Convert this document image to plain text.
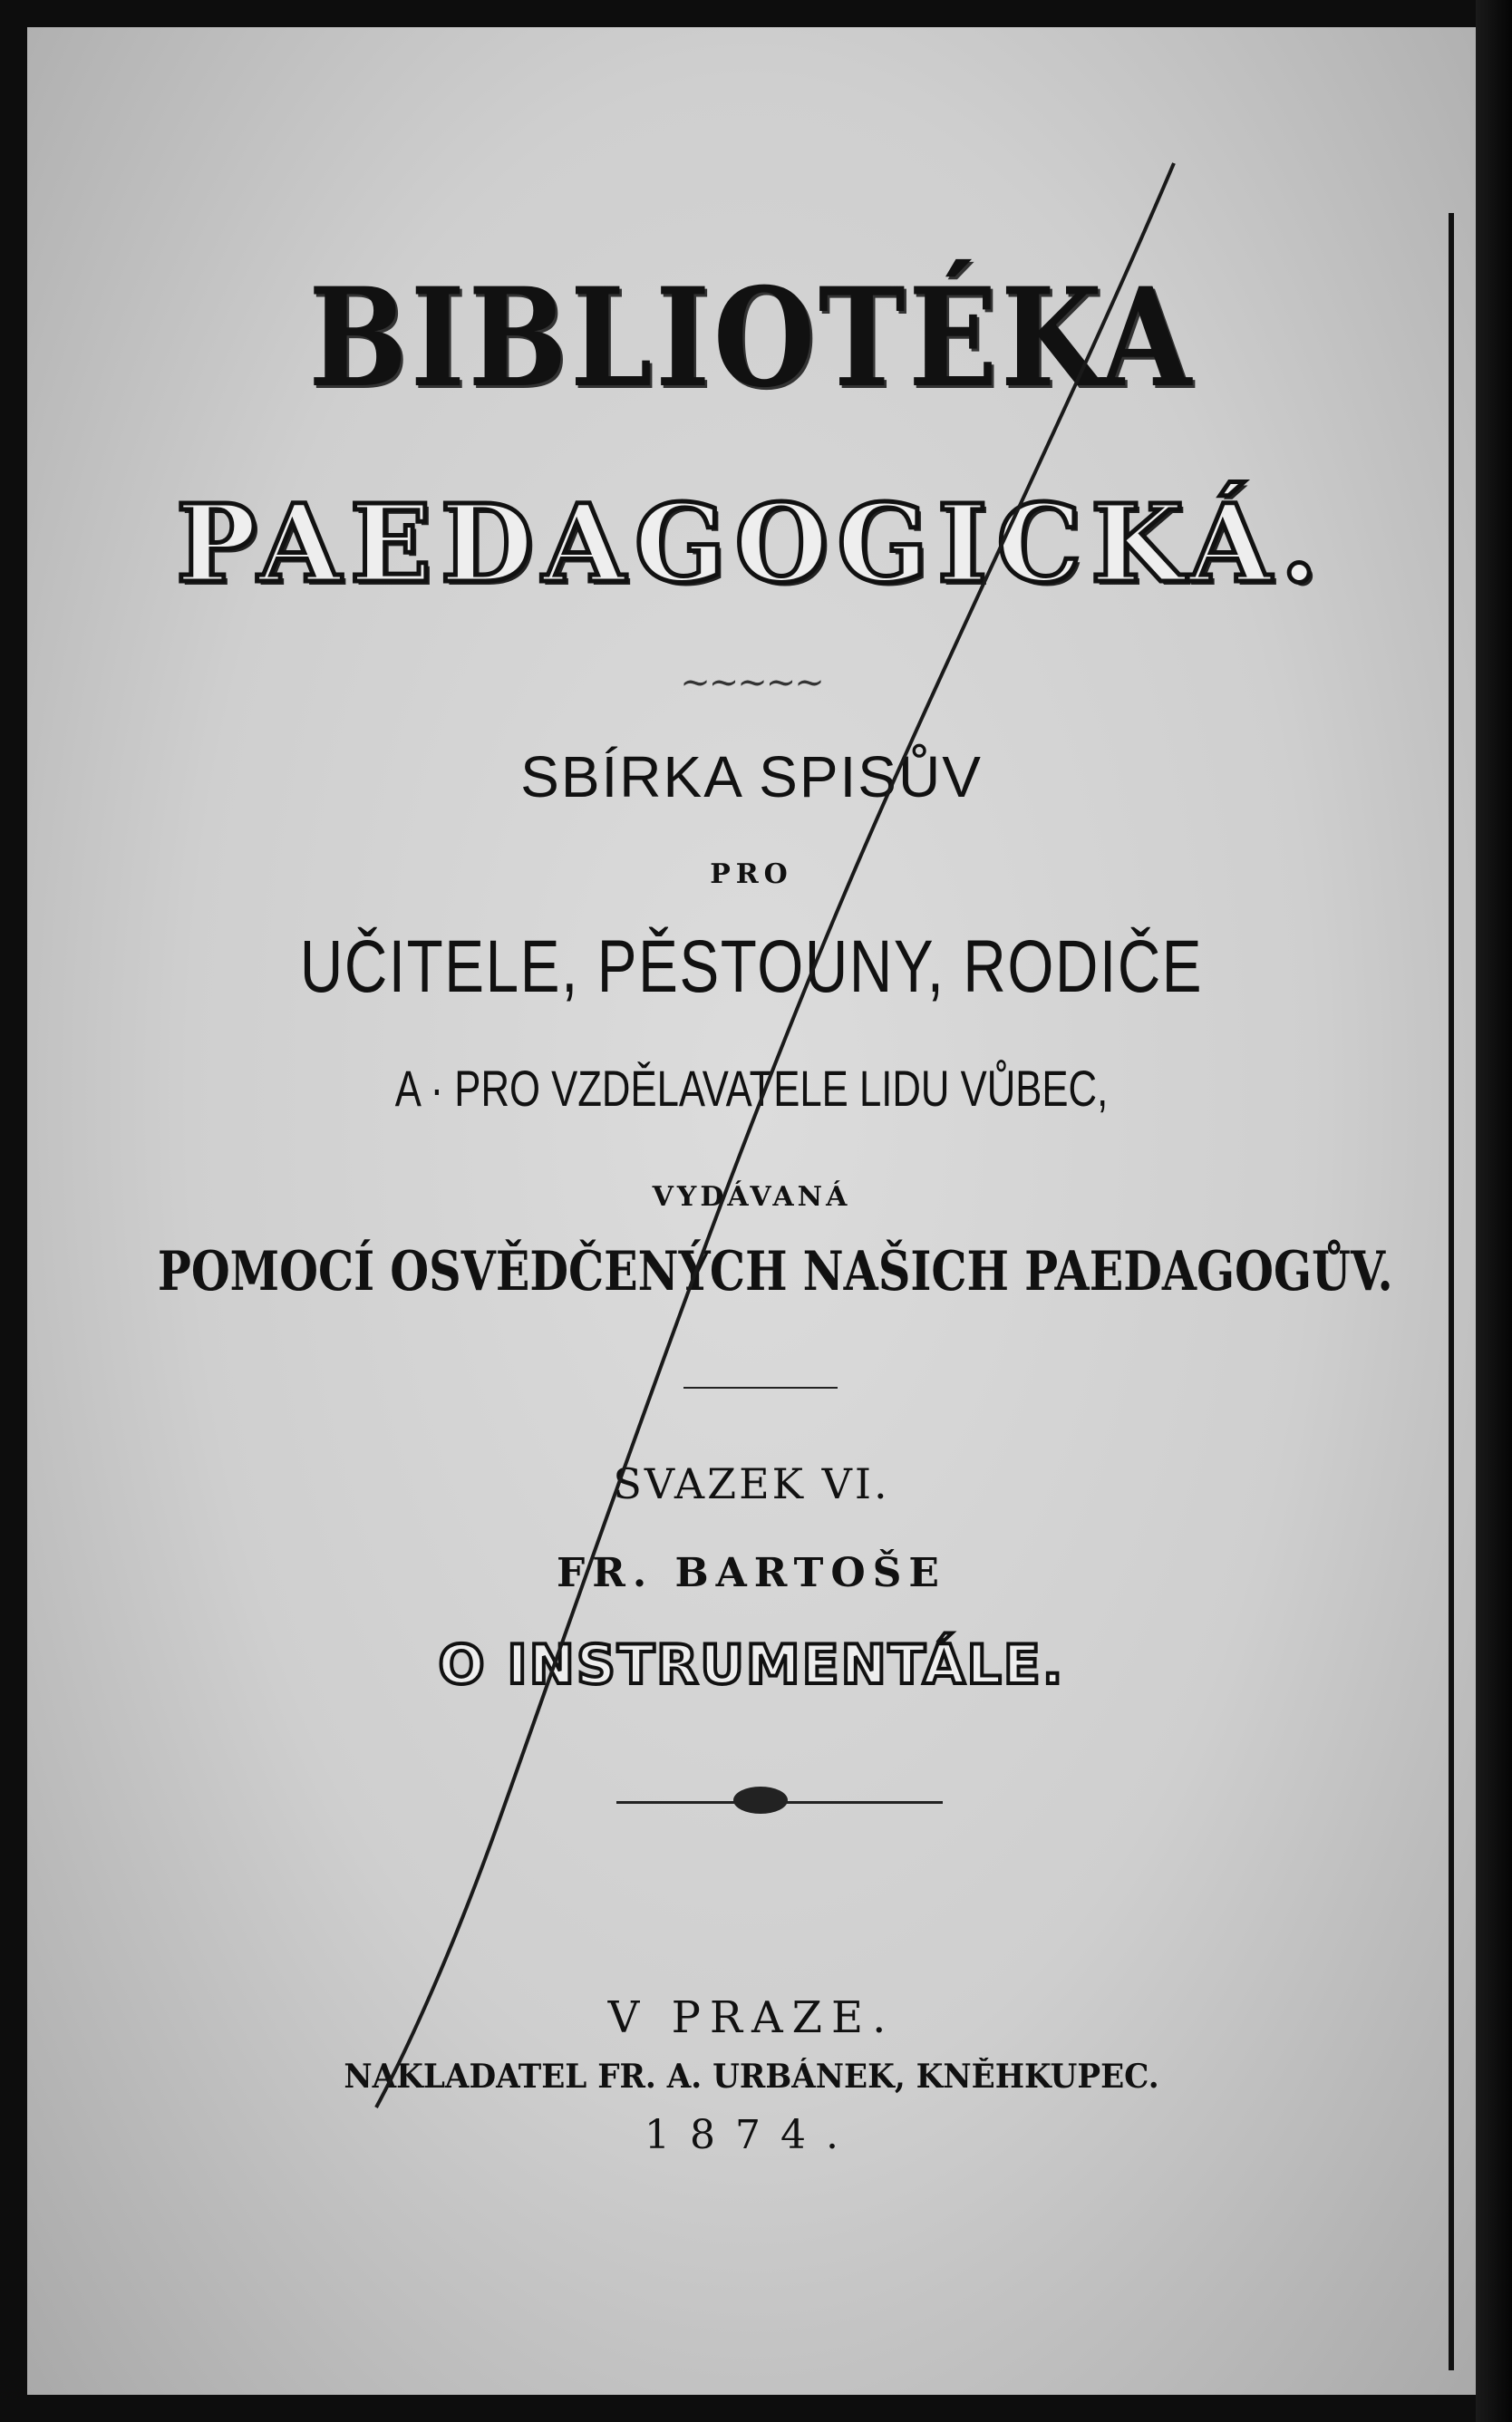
BIBLIOTÉKA
PAEDAGOGICKÁ.
~~~~~
SBÍRKA SPISŮV
PRO
UČITELE, PĚSTOUNY, RODIČE
A · PRO VZDĚLAVATELE LIDU VŮBEC,
VYDÁVANÁ
POMOCÍ OSVĚDČENÝCH NAŠICH PAEDAGOGŮV.
SVAZEK VI.
FR. BARTOŠE
O INSTRUMENTÁLE.
V PRAZE.
NAKLADATEL FR. A. URBÁNEK, KNĚHKUPEC.
1874.
